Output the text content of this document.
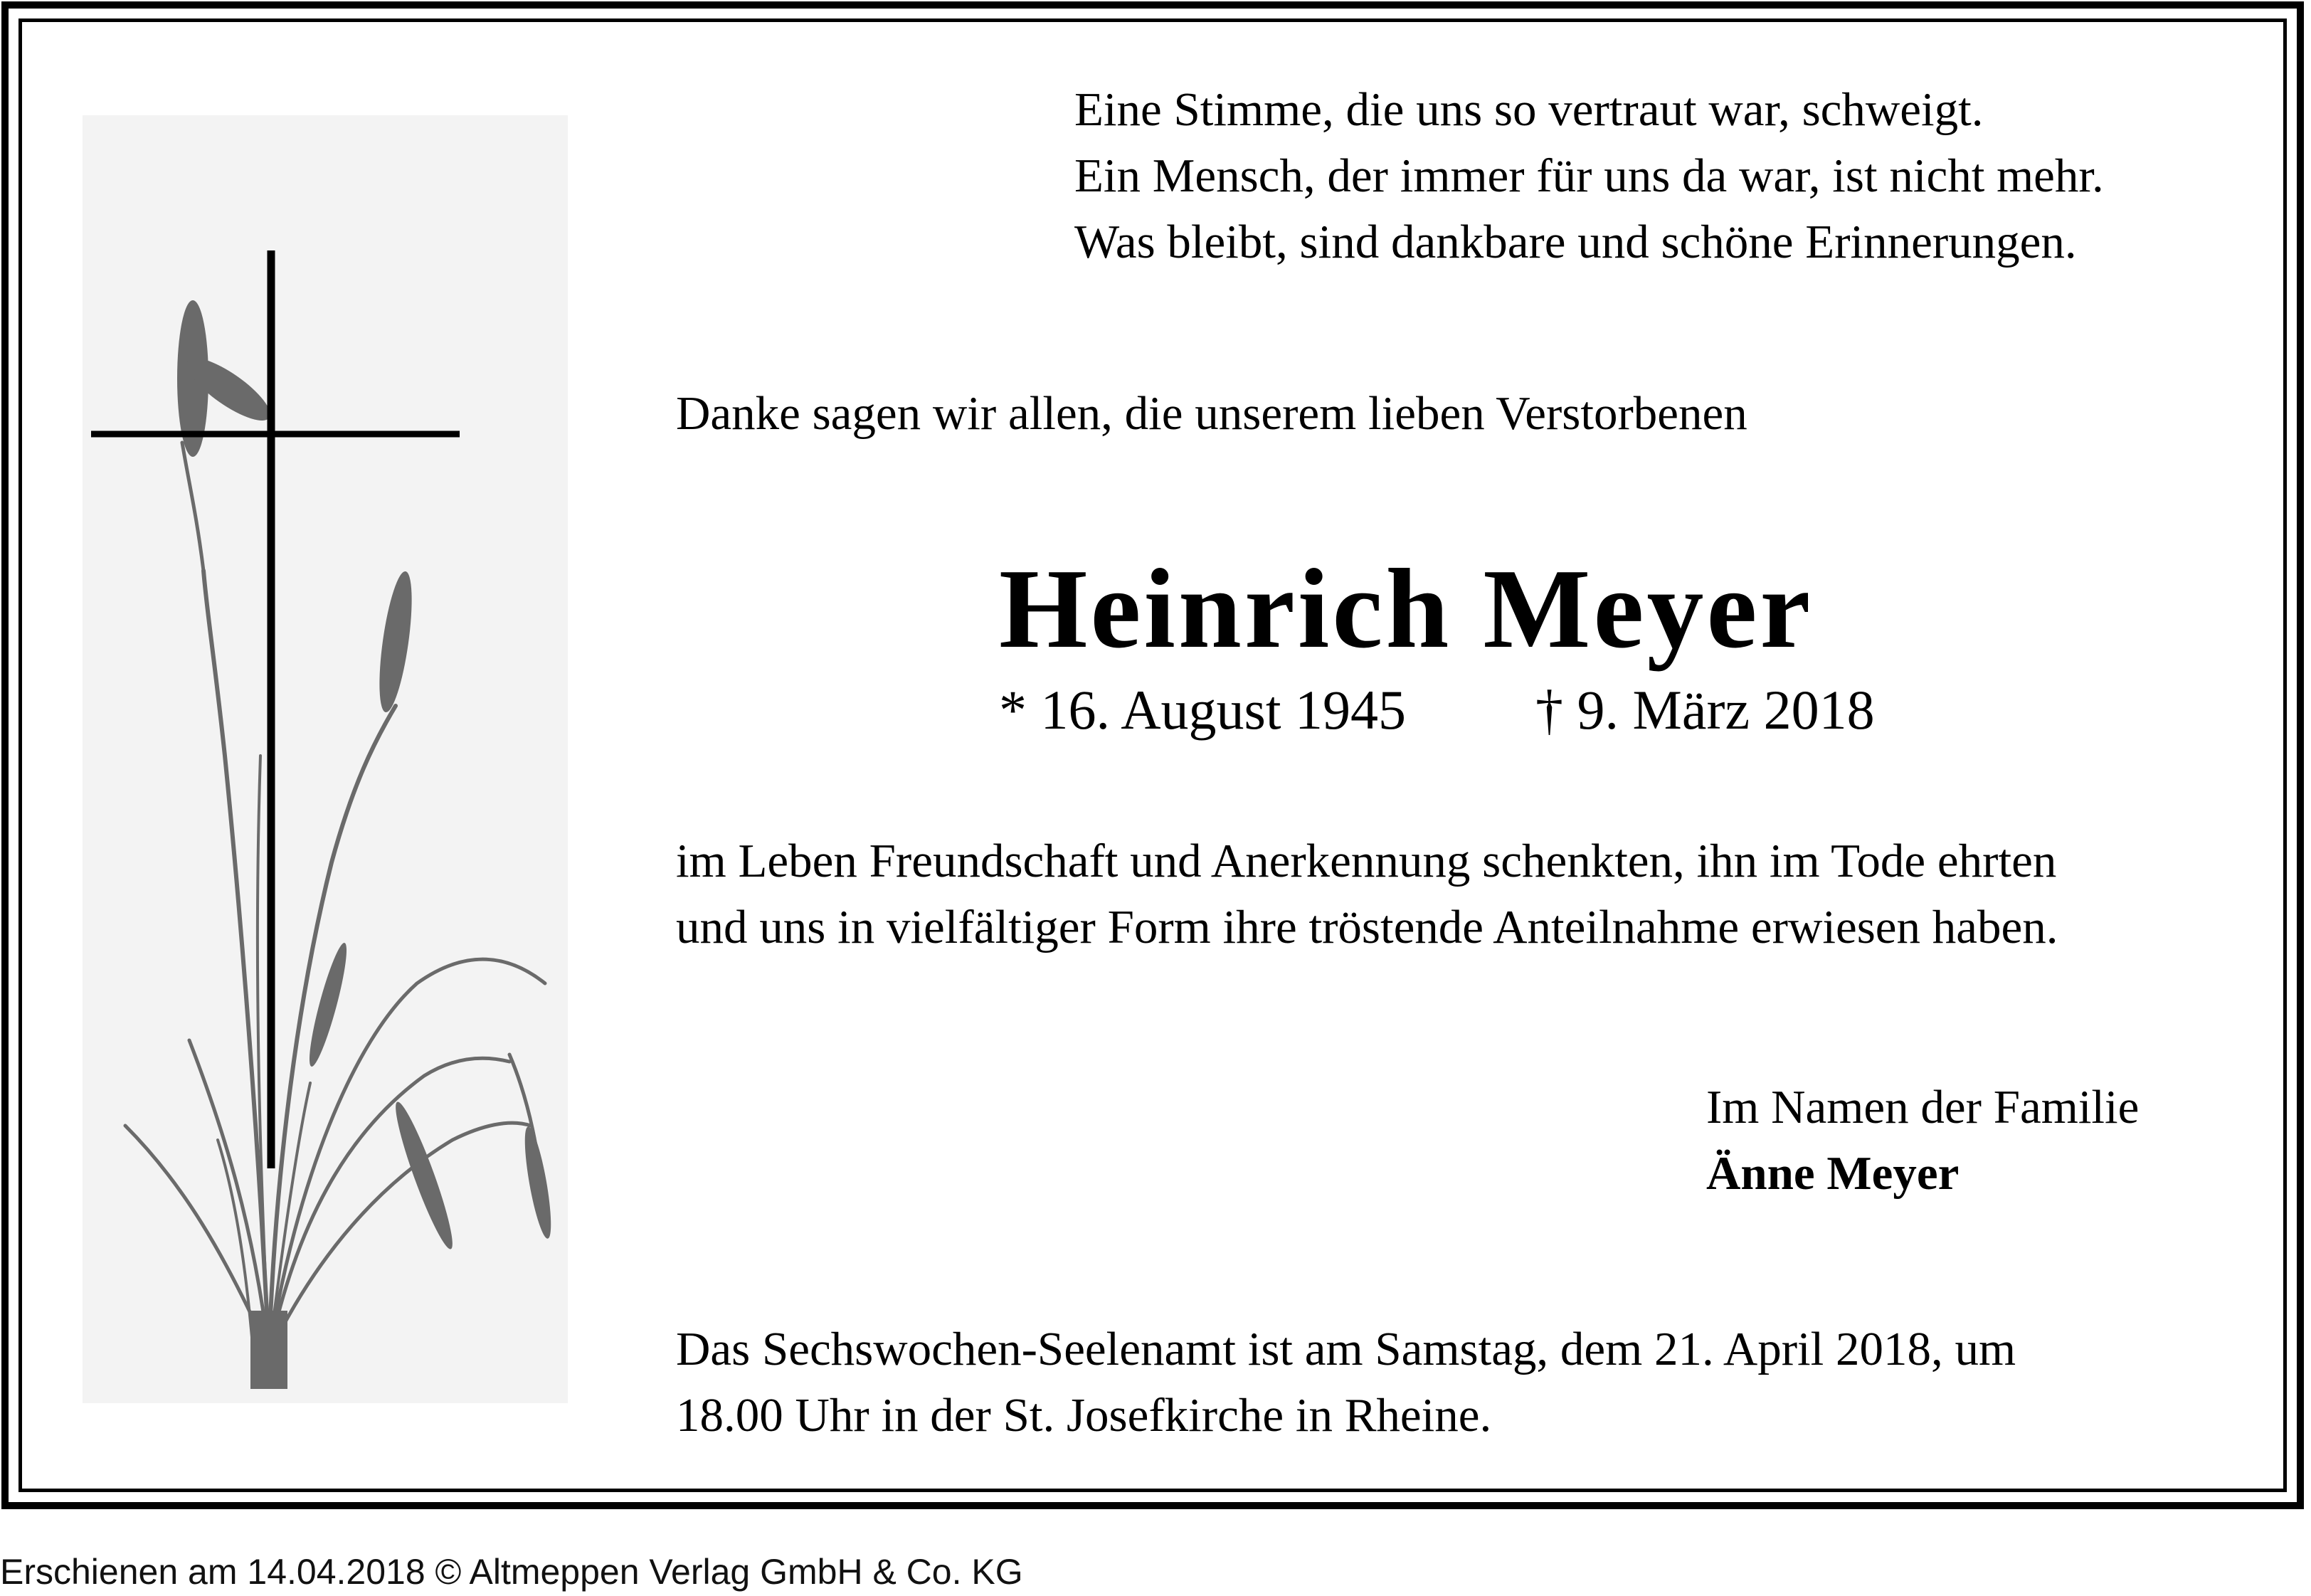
Eine Stimme, die uns so vertraut war, schweigt.
Ein Mensch, der immer für uns da war, ist nicht mehr.
Was bleibt, sind dankbare und schöne Erinnerungen.
Danke sagen wir allen, die unserem lieben Verstorbenen
Heinrich Meyer
* 16. August 1945 † 9. März 2018
im Leben Freundschaft und Anerkennung schenkten, ihn im Tode ehrten
und uns in vielfältiger Form ihre tröstende Anteilnahme erwiesen haben.
Im Namen der Familie
Änne Meyer
Das Sechswochen-Seelenamt ist am Samstag, dem 21. April 2018, um
18.00 Uhr in der St. Josefkirche in Rheine.
Erschienen am 14.04.2018 © Altmeppen Verlag GmbH & Co. KG
